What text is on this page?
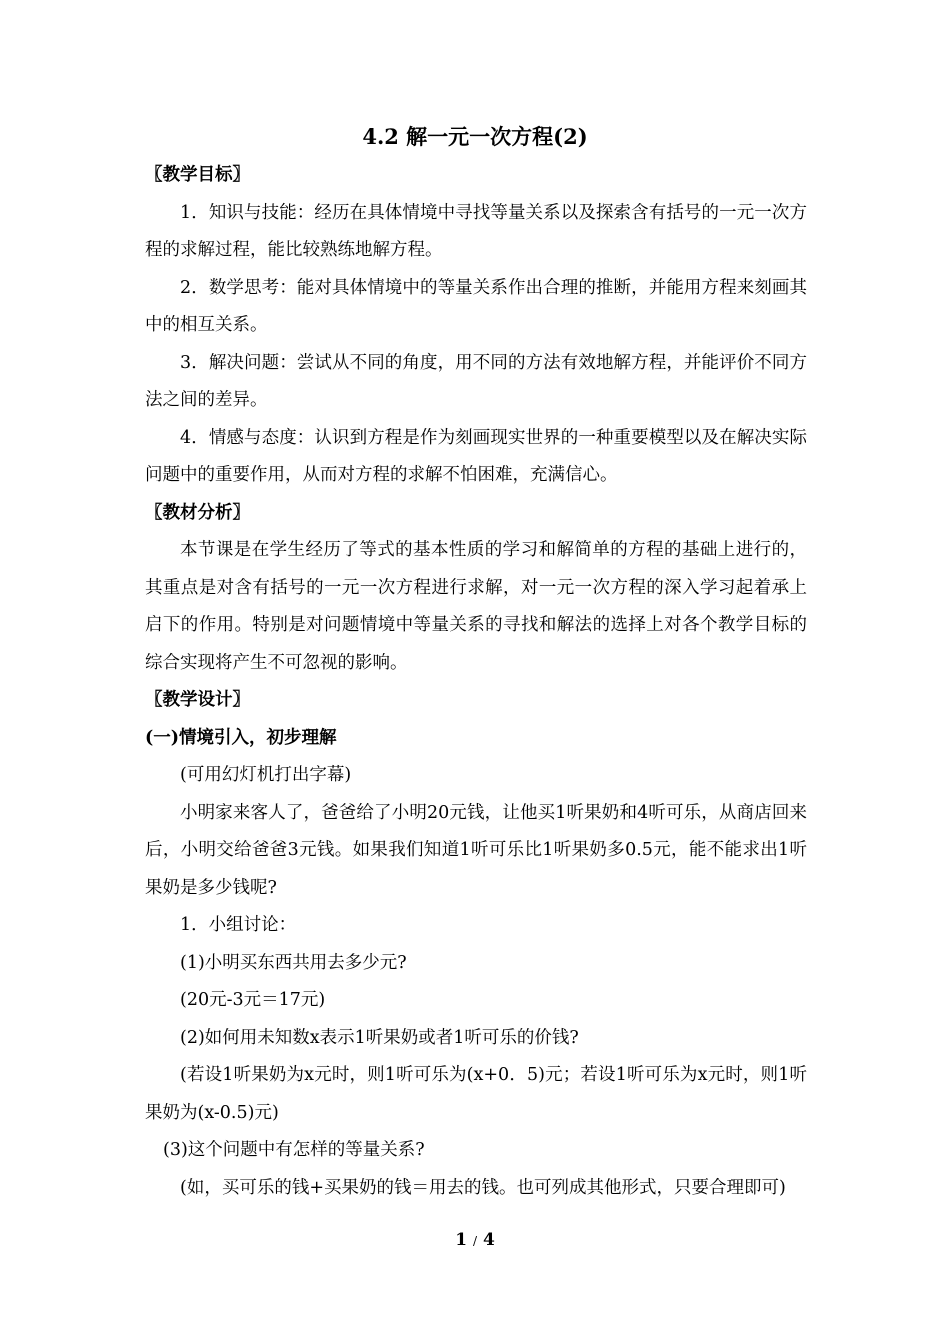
4.2 解一元一次方程(2)

〖教学目标〗

1．知识与技能：经历在具体情境中寻找等量关系以及探索含有括号的一元一次方程的求解过程，能比较熟练地解方程。

2．数学思考：能对具体情境中的等量关系作出合理的推断，并能用方程来刻画其中的相互关系。

3．解决问题：尝试从不同的角度，用不同的方法有效地解方程，并能评价不同方法之间的差异。

4．情感与态度：认识到方程是作为刻画现实世界的一种重要模型以及在解决实际问题中的重要作用，从而对方程的求解不怕困难，充满信心。

〖教材分析〗

本节课是在学生经历了等式的基本性质的学习和解简单的方程的基础上进行的，其重点是对含有括号的一元一次方程进行求解，对一元一次方程的深入学习起着承上启下的作用。特别是对问题情境中等量关系的寻找和解法的选择上对各个教学目标的综合实现将产生不可忽视的影响。

〖教学设计〗

(一)情境引入，初步理解

(可用幻灯机打出字幕)

小明家来客人了，爸爸给了小明20元钱，让他买1听果奶和4听可乐，从商店回来后，小明交给爸爸3元钱。如果我们知道1听可乐比1听果奶多0.5元，能不能求出1听果奶是多少钱呢?

1．小组讨论：

(1)小明买东西共用去多少元?

(20元-3元＝17元)

(2)如何用未知数x表示1听果奶或者1听可乐的价钱?

(若设1听果奶为x元时，则1听可乐为(x+0．5)元；若设1听可乐为x元时，则1听果奶为(x-0.5)元)

(3)这个问题中有怎样的等量关系?

(如，买可乐的钱+买果奶的钱＝用去的钱。也可列成其他形式，只要合理即可)

1 / 4
